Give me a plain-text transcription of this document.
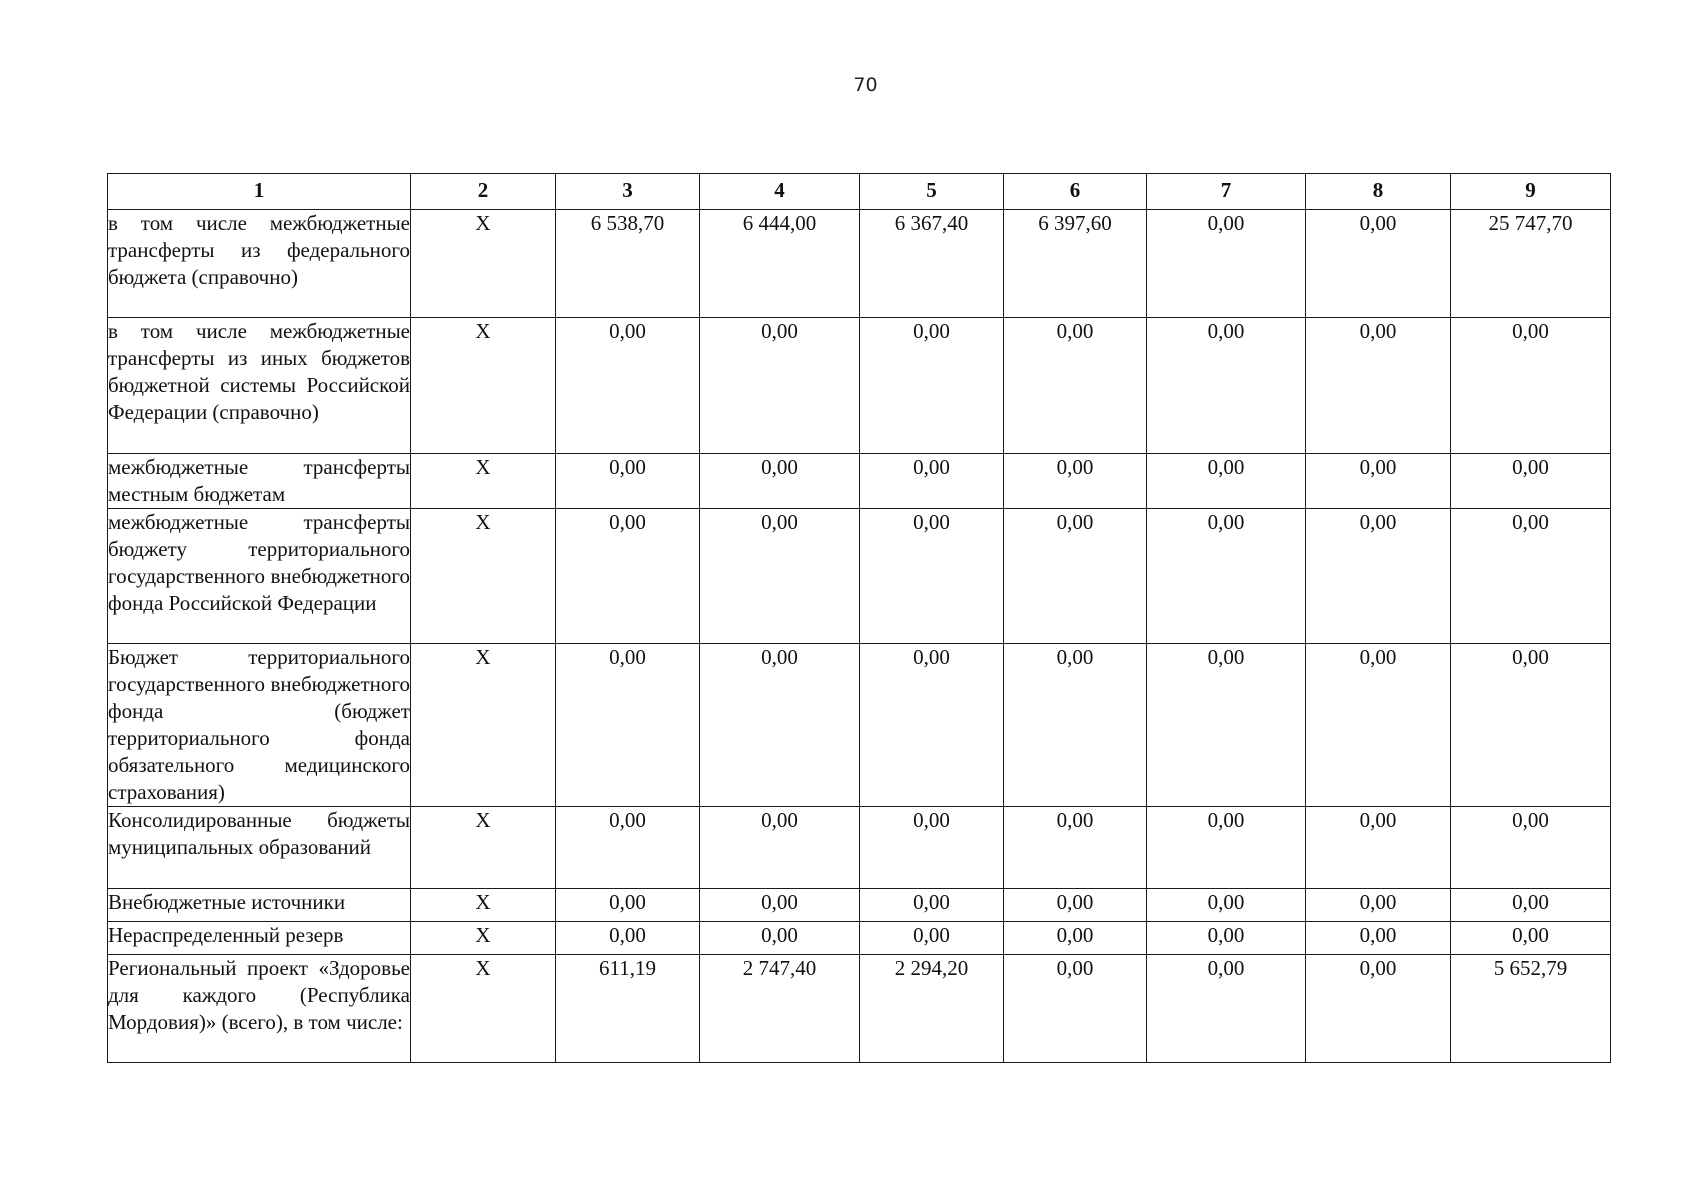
70
1	2	3	4	5	6	7	8	9
в том числе межбюджетные трансферты из федерального бюджета (справочно)	Х	6 538,70	6 444,00	6 367,40	6 397,60	0,00	0,00	25 747,70
в том числе межбюджетные трансферты из иных бюджетов бюджетной системы Российской Федерации (справочно)	Х	0,00	0,00	0,00	0,00	0,00	0,00	0,00
межбюджетные трансферты местным бюджетам	Х	0,00	0,00	0,00	0,00	0,00	0,00	0,00
межбюджетные трансферты бюджету территориального государственного внебюджетного фонда Российской Федерации	Х	0,00	0,00	0,00	0,00	0,00	0,00	0,00
Бюджет территориального государственного внебюджетного фонда (бюджет территориального фонда обязательного медицинского страхования)	Х	0,00	0,00	0,00	0,00	0,00	0,00	0,00
Консолидированные бюджеты муниципальных образований	Х	0,00	0,00	0,00	0,00	0,00	0,00	0,00
Внебюджетные источники	Х	0,00	0,00	0,00	0,00	0,00	0,00	0,00
Нераспределенный резерв	Х	0,00	0,00	0,00	0,00	0,00	0,00	0,00
Региональный проект «Здоровье для каждого (Республика Мордовия)» (всего), в том числе:	Х	611,19	2 747,40	2 294,20	0,00	0,00	0,00	5 652,79
